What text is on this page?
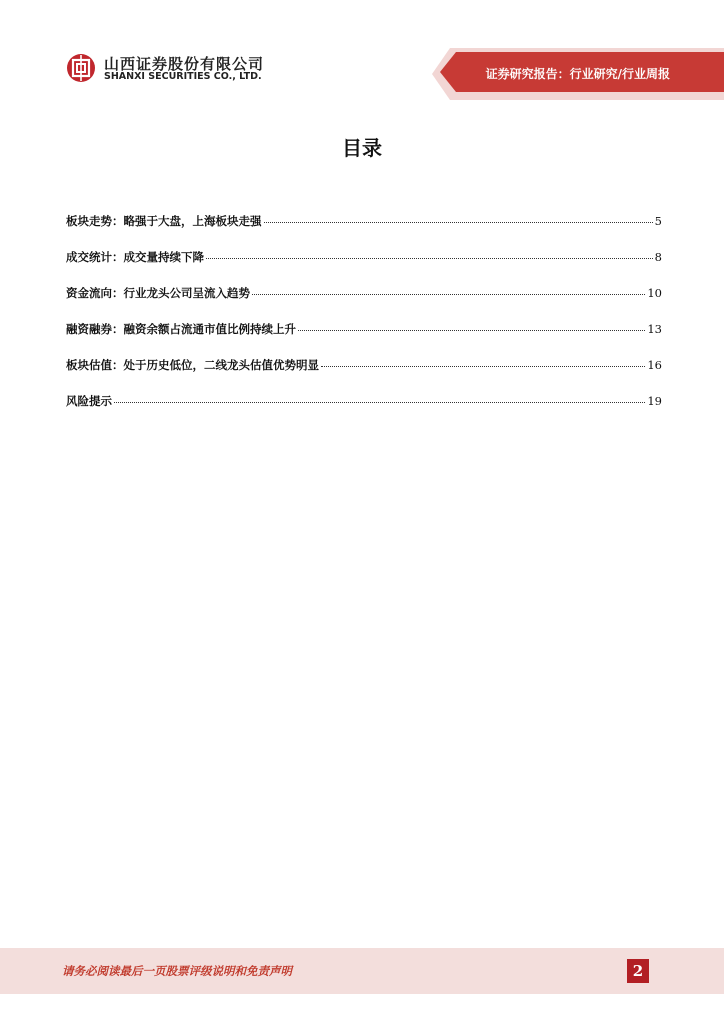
山西证券股份有限公司
SHANXI SECURITIES CO., LTD.	证券研究报告：行业研究/行业周报
目录
板块走势：略强于大盘，上海板块走强	5
成交统计：成交量持续下降	8
资金流向：行业龙头公司呈流入趋势	10
融资融券：融资余额占流通市值比例持续上升	13
板块估值：处于历史低位，二线龙头估值优势明显	16
风险提示	19
请务必阅读最后一页股票评级说明和免责声明	2
